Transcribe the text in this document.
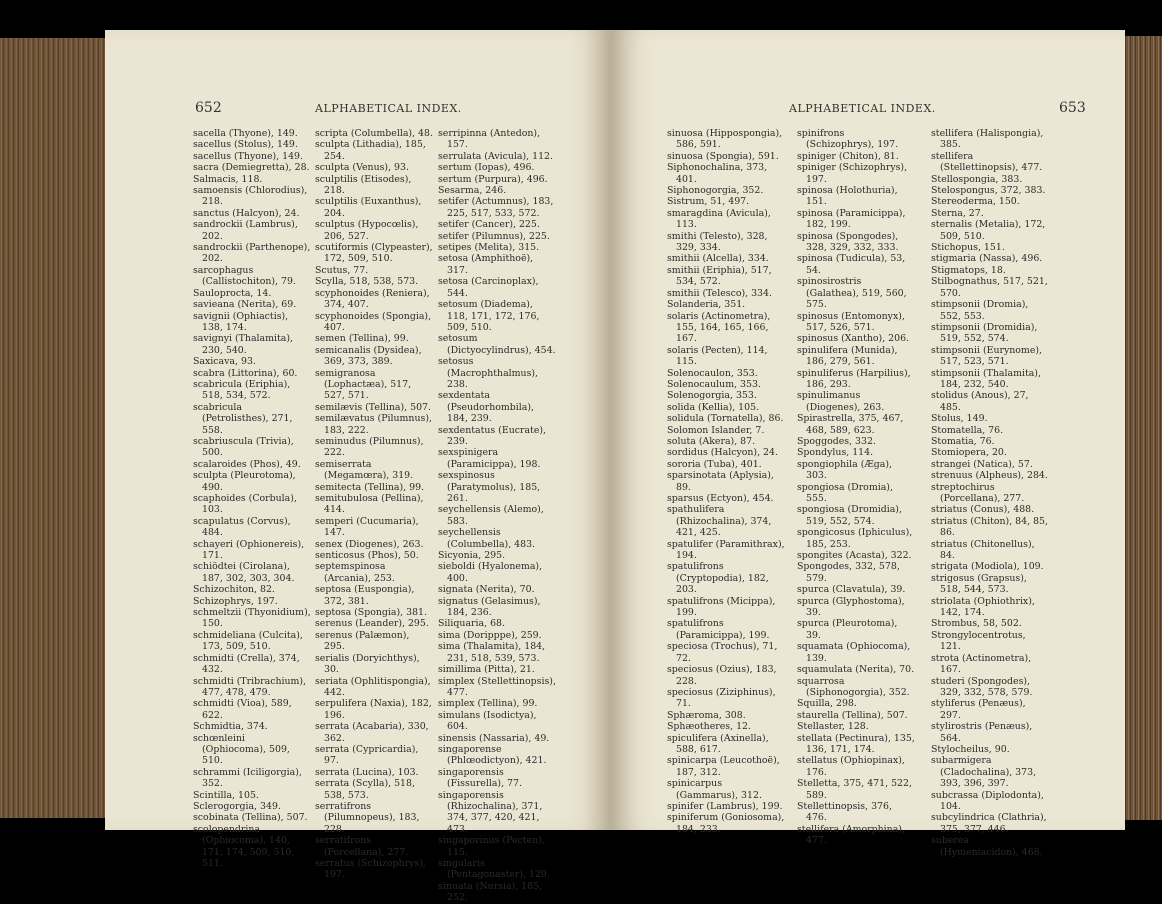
652	ALPHABETICAL INDEX.

sacella (Thyone), 149.

sacellus (Stolus), 149.

sacellus (Thyone), 149.

sacra (Demiegretta), 28.

Salmacis, 118.

samoensis (Chlorodius), 218.

sanctus (Halcyon), 24.

sandrockii (Lambrus), 202.

sandrockii (Parthenope), 202.

sarcophagus (Callistochiton), 79.

Sauloprocta, 14.

savieana (Nerita), 69.

savignii (Ophiactis), 138, 174.

savignyi (Thalamita), 230, 540.

Saxicava, 93.

scabra (Littorina), 60.

scabricula (Eriphia), 518, 534, 572.

scabricula (Petrolisthes), 271, 558.

scabriuscula (Trivia), 500.

scalaroides (Phos), 49.

sculpta (Pleurotoma), 490.

scaphoides (Corbula), 103.

scapulatus (Corvus), 484.

schayeri (Ophionereis), 171.

schiödtei (Cirolana), 187, 302, 303, 304.

Schizochiton, 82.

Schizophrys, 197.

schmeltzii (Thyonidium), 150.

schmideliana (Culcita), 173, 509, 510.

schmidti (Crella), 374, 432.

schmidti (Tribrachium), 477, 478, 479.

schmidti (Vioa), 589, 622.

Schmidtia, 374.

schœnleini (Ophiocoma), 509, 510.

schrammi (Iciligorgia), 352.

Scintilla, 105.

Sclerogorgia, 349.

scobinata (Tellina), 507.

scolopendrina (Ophiocoma), 140, 171, 174, 509, 510, 511.

scripta (Columbella), 48.

sculpta (Lithadia), 185, 254.

sculpta (Venus), 93.

sculptilis (Etisodes), 218.

sculptilis (Euxanthus), 204.

sculptus (Hypocœlis), 206, 527.

scutiformis (Clypeaster), 172, 509, 510.

Scutus, 77.

Scylla, 518, 538, 573.

scyphonoides (Reniera), 374, 407.

scyphonoides (Spongia), 407.

semen (Tellina), 99.

semicanalis (Dysidea), 369, 373, 389.

semigranosa (Lophactæa), 517, 527, 571.

semilævis (Tellina), 507.

semilævatus (Pilumnus), 183, 222.

seminudus (Pilumnus), 222.

semiserrata (Megamœra), 319.

semitecta (Tellina), 99.

semitubulosa (Pellina), 414.

semperi (Cucumaria), 147.

senex (Diogenes), 263.

senticosus (Phos), 50.

septemspinosa (Arcania), 253.

septosa (Euspongia), 372, 381.

septosa (Spongia), 381.

serenus (Leander), 295.

serenus (Palæmon), 295.

serialis (Doryichthys), 30.

seriata (Ophlitispongia), 442.

serpulifera (Naxia), 182, 196.

serrata (Acabaria), 330, 362.

serrata (Cypricardia), 97.

serrata (Lucina), 103.

serrata (Scylla), 518, 538, 573.

serratifrons (Pilumnopeus), 183, 228.

serratifrons (Porcellana), 277.

serratus (Schizophrys), 197.

serripinna (Antedon), 157.

serrulata (Avicula), 112.

sertum (Iopas), 496.

sertum (Purpura), 496.

Sesarma, 246.

setifer (Actumnus), 183, 225, 517, 533, 572.

setifer (Cancer), 225.

setifer (Pilumnus), 225.

setipes (Melita), 315.

setosa (Amphithoë), 317.

setosa (Carcinoplax), 544.

setosum (Diadema), 118, 171, 172, 176, 509, 510.

setosum (Dictyocylindrus), 454.

setosus (Macrophthalmus), 238.

sexdentata (Pseudorhombila), 184, 239.

sexdentatus (Eucrate), 239.

sexspinigera (Paramicippa), 198.

sexspinosus (Paratymolus), 185, 261.

seychellensis (Alemo), 583.

seychellensis (Columbella), 483.

Sicyonia, 295.

sieboldi (Hyalonema), 400.

signata (Nerita), 70.

signatus (Gelasimus), 184, 236.

Siliquaria, 68.

sima (Doripppe), 259.

sima (Thalamita), 184, 231, 518, 539, 573.

simillima (Pitta), 21.

simplex (Stellettinopsis), 477.

simplex (Tellina), 99.

simulans (Isodictya), 604.

sinensis (Nassaria), 49.

singaporense (Phlœodictyon), 421.

singaporensis (Fissurella), 77.

singaporensis (Rhizochalina), 371, 374, 377, 420, 421, 473.

singaporinus (Pecten), 115.

singularis (Pentagonaster), 129.

sinuata (Nursia), 185, 252.

ALPHABETICAL INDEX.	653

sinuosa (Hippospongia), 586, 591.

sinuosa (Spongia), 591.

Siphonochalina, 373, 401.

Siphonogorgia, 352.

Sistrum, 51, 497.

smaragdina (Avicula), 113.

smithi (Telesto), 328, 329, 334.

smithii (Alcella), 334.

smithii (Eriphia), 517, 534, 572.

smithii (Telesco), 334.

Solanderia, 351.

solaris (Actinometra), 155, 164, 165, 166, 167.

solaris (Pecten), 114, 115.

Solenocaulon, 353.

Solenocaulum, 353.

Solenogorgia, 353.

solida (Kellia), 105.

solidula (Tornatella), 86.

Solomon Islander, 7.

soluta (Akera), 87.

sordidus (Halcyon), 24.

sororia (Tuba), 401.

sparsinotata (Aplysia), 89.

sparsus (Ectyon), 454.

spathulifera (Rhizochalina), 374, 421, 425.

spatulifer (Paramithrax), 194.

spatulifrons (Cryptopodia), 182, 203.

spatulifrons (Micippa), 199.

spatulifrons (Paramicippa), 199.

speciosa (Trochus), 71, 72.

speciosus (Ozius), 183, 228.

speciosus (Ziziphinus), 71.

Sphæroma, 308.

Sphæotheres, 12.

spiculifera (Axinella), 588, 617.

spinicarpa (Leucothoë), 187, 312.

spinicarpus (Gammarus), 312.

spinifer (Lambrus), 199.

spiniferum (Goniosoma), 184, 233.

spinifrons (Schizophrys), 197.

spiniger (Chiton), 81.

spiniger (Schizophrys), 197.

spinosa (Holothuria), 151.

spinosa (Paramicippa), 182, 199.

spinosa (Spongodes), 328, 329, 332, 333.

spinosa (Tudicula), 53, 54.

spinosirostris (Galathea), 519, 560, 575.

spinosus (Entomonyx), 517, 526, 571.

spinosus (Xantho), 206.

spinulifera (Munida), 186, 279, 561.

spinuliferus (Harpilius), 186, 293.

spinulimanus (Diogenes), 263.

Spirastrella, 375, 467, 468, 589, 623.

Spoggodes, 332.

Spondylus, 114.

spongiophila (Ægа), 303.

spongiosa (Dromia), 555.

spongiosa (Dromidia), 519, 552, 574.

spongicosus (Iphiculus), 185, 253.

spongites (Acasta), 322.

Spongodes, 332, 578, 579.

spurca (Clavatula), 39.

spurca (Glyphostoma), 39.

spurca (Pleurotoma), 39.

squamata (Ophiocoma), 139.

squamulata (Nerita), 70.

squarrosa (Siphonogorgia), 352.

Squilla, 298.

staurella (Tellina), 507.

Stellaster, 128.

stellata (Pectinura), 135, 136, 171, 174.

stellatus (Ophiopinax), 176.

Stelletta, 375, 471, 522, 589.

Stellettinopsis, 376, 476.

stellifera (Amorphina), 477.

stellifera (Halispongia), 385.

stellifera (Stellettinopsis), 477.

Stellospongia, 383.

Stelospongus, 372, 383.

Stereoderma, 150.

Sterna, 27.

sternalis (Metalia), 172, 509, 510.

Stichopus, 151.

stigmaria (Nassa), 496.

Stigmatops, 18.

Stilbognathus, 517, 521, 570.

stimpsonii (Dromia), 552, 553.

stimpsonii (Dromidia), 519, 552, 574.

stimpsonii (Eurynome), 517, 523, 571.

stimpsonii (Thalamita), 184, 232, 540.

stolidus (Anous), 27, 485.

Stolus, 149.

Stomatella, 76.

Stomatia, 76.

Stomiopera, 20.

strangei (Natica), 57.

strenuus (Alpheus), 284.

streptochirus (Porcellana), 277.

striatus (Conus), 488.

striatus (Chiton), 84, 85, 86.

striatus (Chitonellus), 84.

strigata (Modiola), 109.

strigosus (Grapsus), 518, 544, 573.

striolata (Ophiothrix), 142, 174.

Strombus, 58, 502.

Strongylocentrotus, 121.

strota (Actinometra), 167.

studeri (Spongodes), 329, 332, 578, 579.

styliferus (Penæus), 297.

stylirostris (Penæus), 564.

Stylocheilus, 90.

subarmigera (Cladochalina), 373, 393, 396, 397.

subcrassa (Diplodonta), 104.

subcylindrica (Clathria), 375, 377, 446.

suberea (Hymeniacidon), 468.
